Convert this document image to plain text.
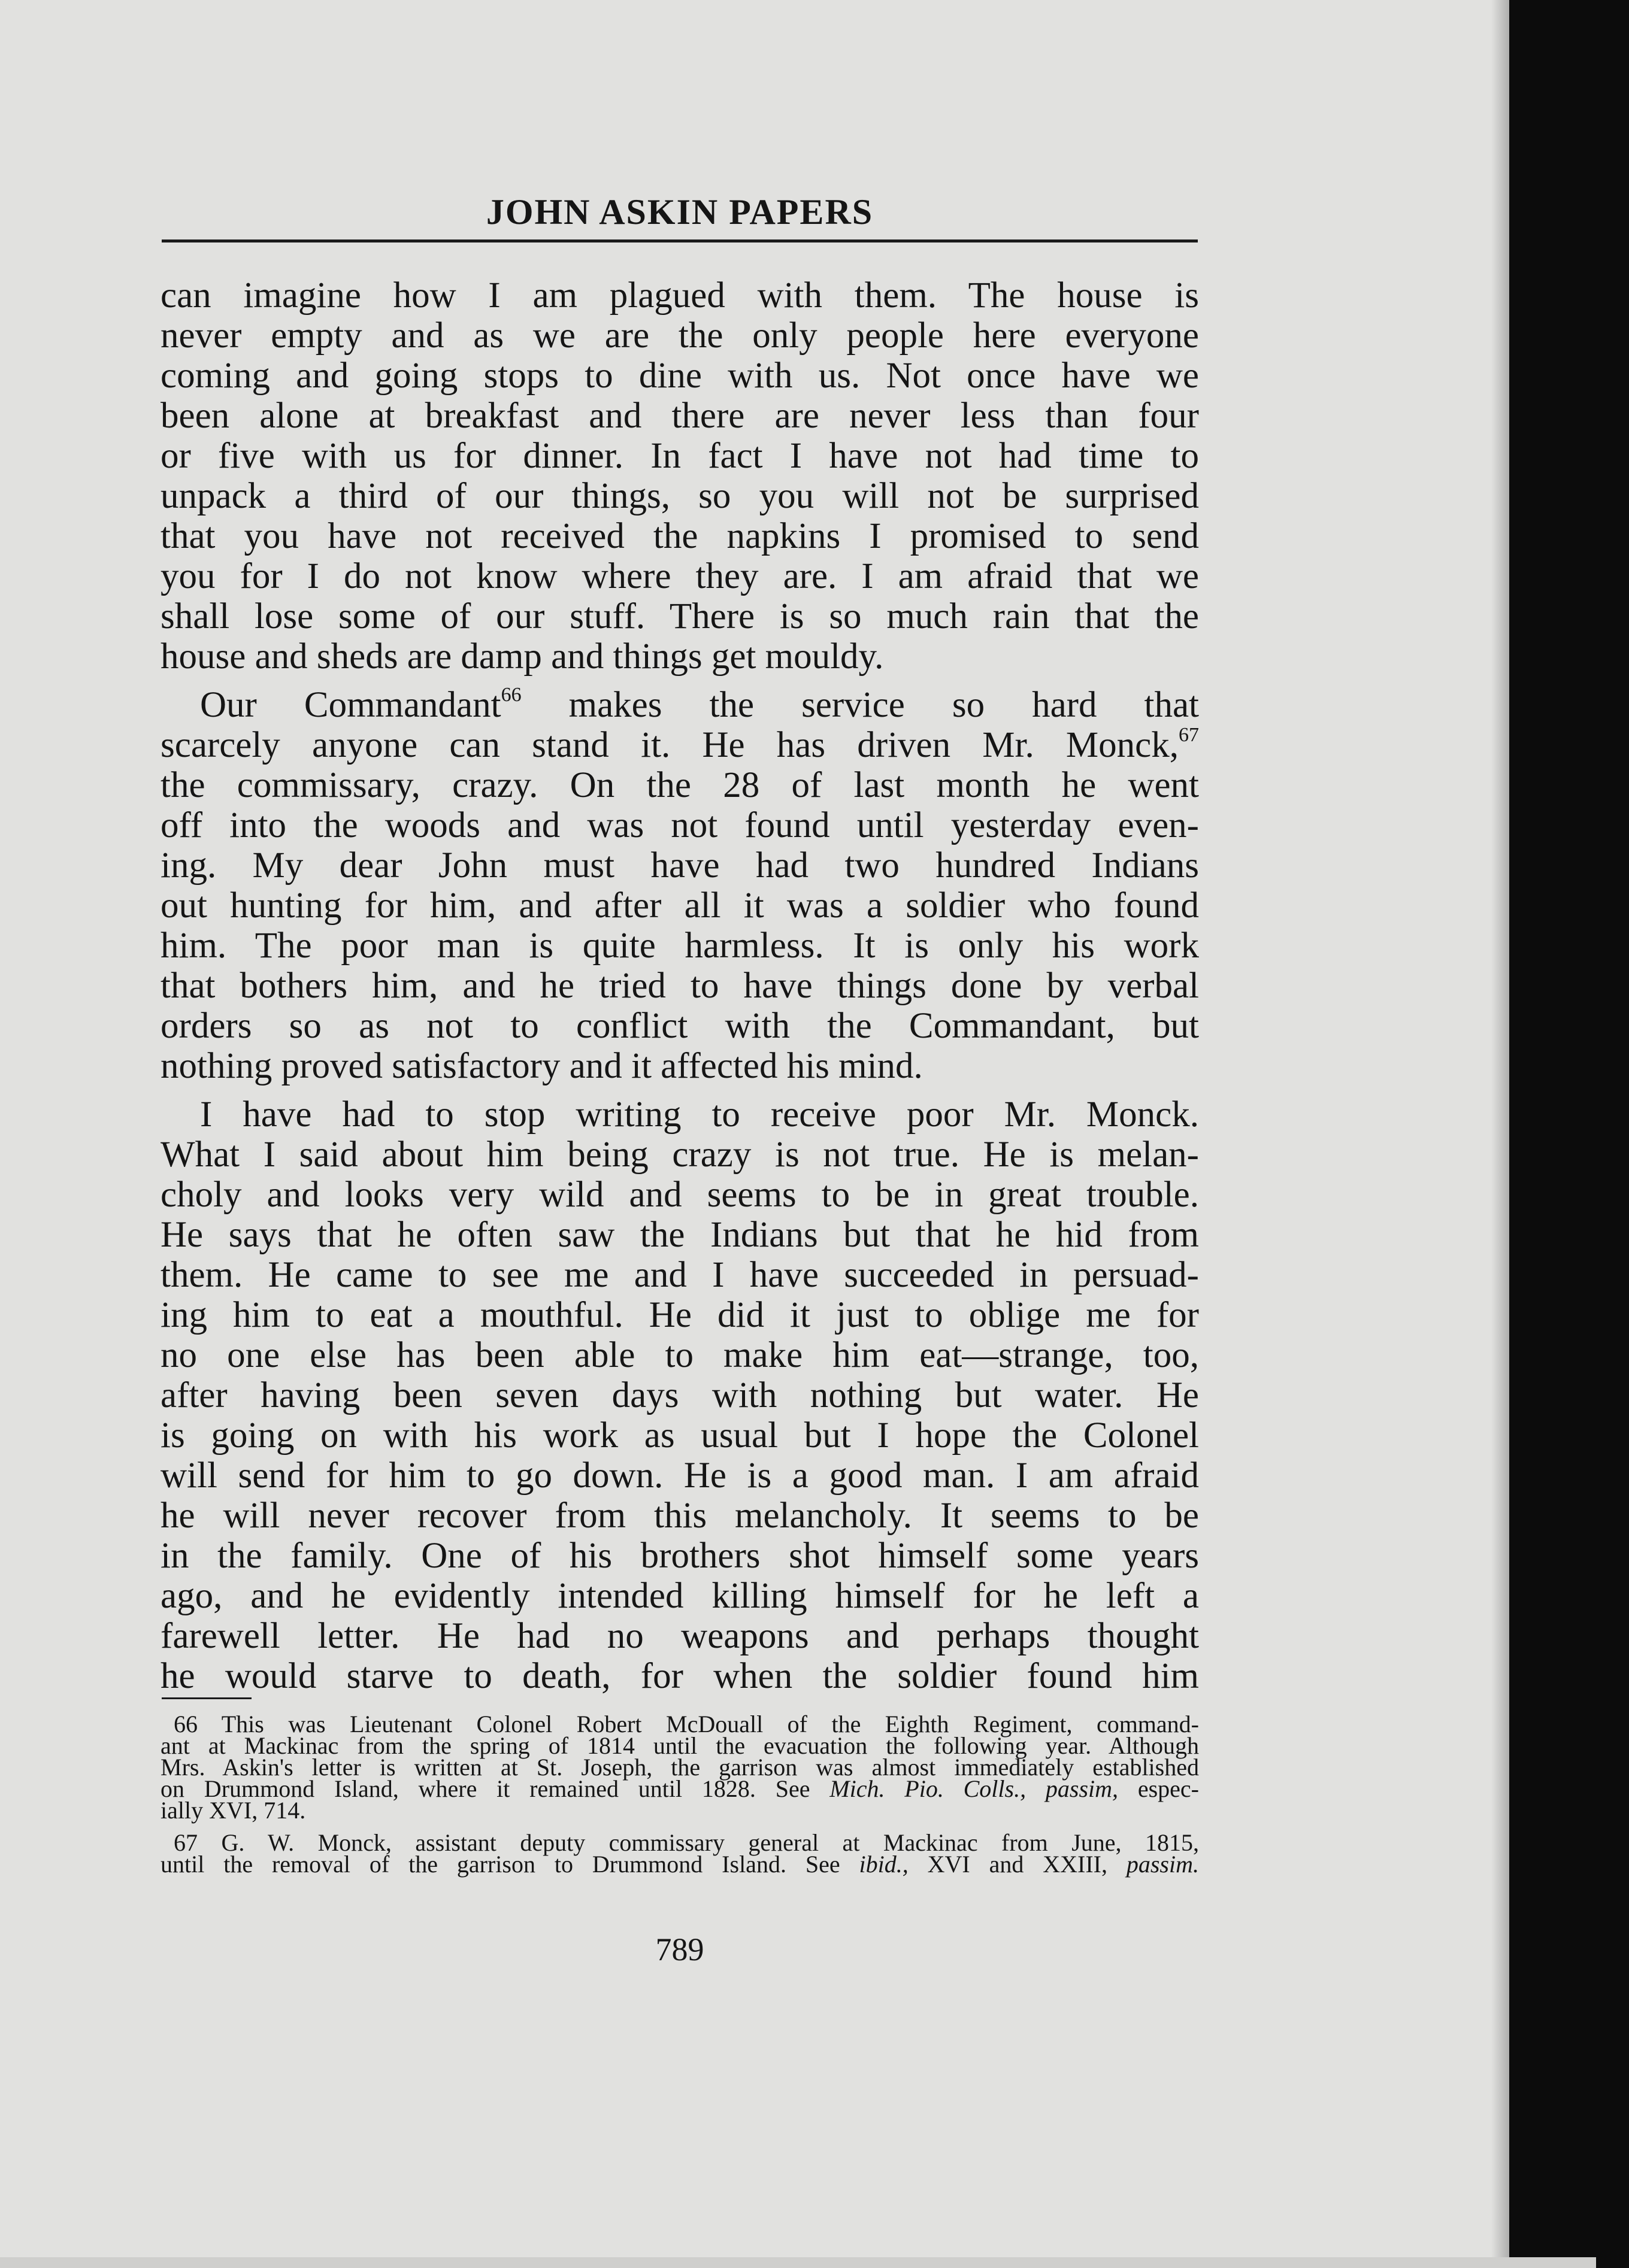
JOHN ASKIN PAPERS

can imagine how I am plagued with them. The house is
never empty and as we are the only people here everyone
coming and going stops to dine with us. Not once have we
been alone at breakfast and there are never less than four
or five with us for dinner. In fact I have not had time to
unpack a third of our things, so you will not be surprised
that you have not received the napkins I promised to send
you for I do not know where they are. I am afraid that we
shall lose some of our stuff. There is so much rain that the
house and sheds are damp and things get mouldy.

Our Commandant$^{66}$ makes the service so hard that
scarcely anyone can stand it. He has driven Mr. Monck,$^{67}$
the commissary, crazy. On the 28 of last month he went
off into the woods and was not found until yesterday even-
ing. My dear John must have had two hundred Indians
out hunting for him, and after all it was a soldier who found
him. The poor man is quite harmless. It is only his work
that bothers him, and he tried to have things done by verbal
orders so as not to conflict with the Commandant, but
nothing proved satisfactory and it affected his mind.

I have had to stop writing to receive poor Mr. Monck.
What I said about him being crazy is not true. He is melan-
choly and looks very wild and seems to be in great trouble.
He says that he often saw the Indians but that he hid from
them. He came to see me and I have succeeded in persuad-
ing him to eat a mouthful. He did it just to oblige me for
no one else has been able to make him eat—strange, too,
after having been seven days with nothing but water. He
is going on with his work as usual but I hope the Colonel
will send for him to go down. He is a good man. I am afraid
he will never recover from this melancholy. It seems to be
in the family. One of his brothers shot himself some years
ago, and he evidently intended killing himself for he left a
farewell letter. He had no weapons and perhaps thought
he would starve to death, for when the soldier found him

66 This was Lieutenant Colonel Robert McDouall of the Eighth Regiment, command-
ant at Mackinac from the spring of 1814 until the evacuation the following year. Although
Mrs. Askin's letter is written at St. Joseph, the garrison was almost immediately established
on Drummond Island, where it remained until 1828. See Mich. Pio. Colls., passim, espec-
ially XVI, 714.

67 G. W. Monck, assistant deputy commissary general at Mackinac from June, 1815,
until the removal of the garrison to Drummond Island. See ibid., XVI and XXIII, passim.

789
